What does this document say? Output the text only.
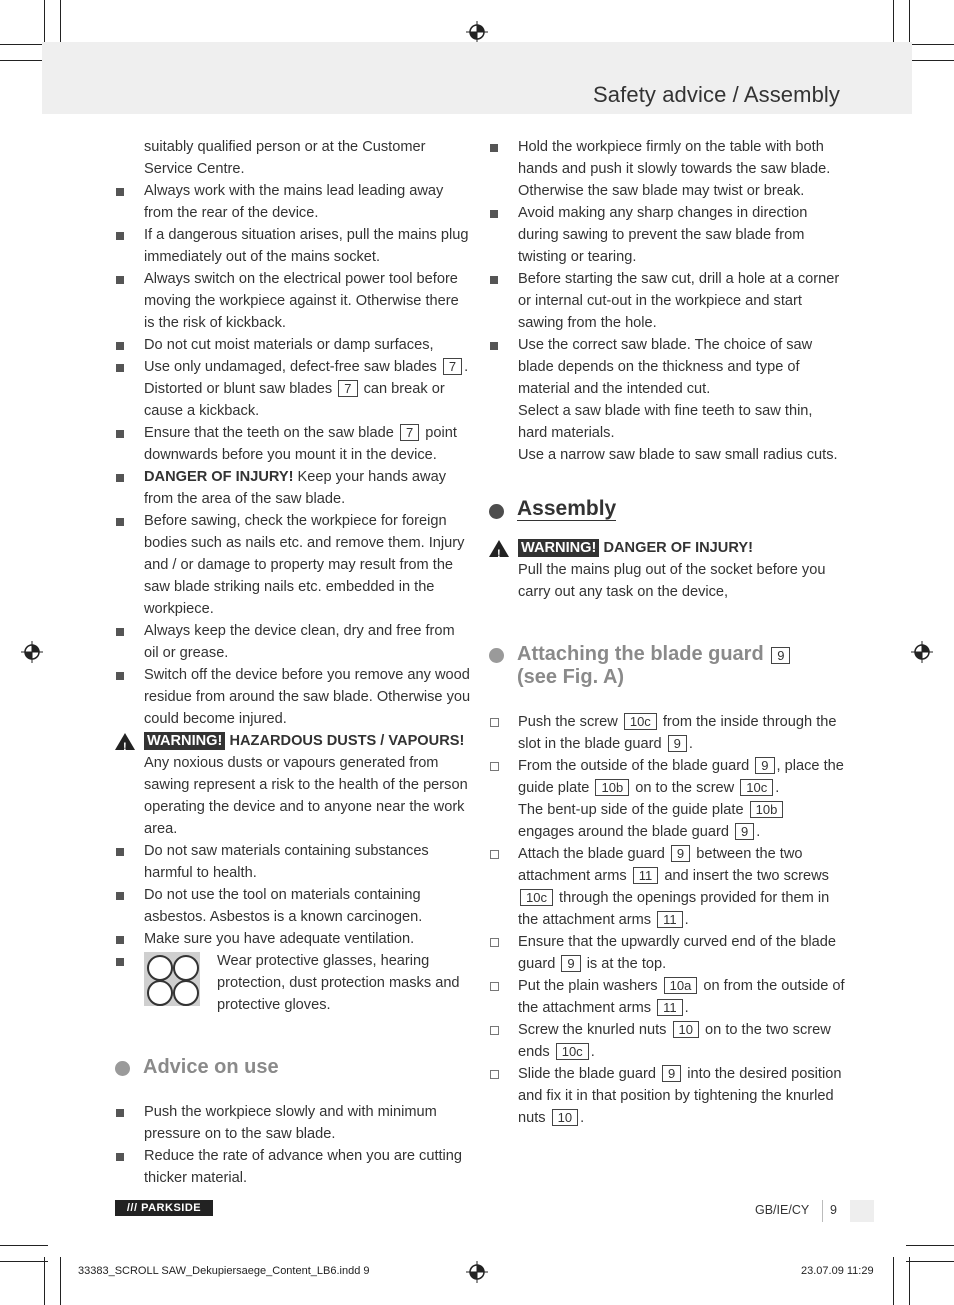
Safety advice / Assembly
suitably qualified person or at the Customer Service Centre.
Always work with the mains lead leading away from the rear of the device.
If a dangerous situation arises, pull the mains plug immediately out of the mains socket.
Always switch on the electrical power tool before moving the workpiece against it. Otherwise there is the risk of kickback.
Do not cut moist materials or damp surfaces,
Use only undamaged, defect-free saw blades 7 . Distorted or blunt saw blades 7 can break or cause a kickback.
Ensure that the teeth on the saw blade 7 point downwards before you mount it in the device.
DANGER OF INJURY! Keep your hands away from the area of the saw blade.
Before sawing, check the workpiece for foreign bodies such as nails etc. and remove them. Injury and / or damage to property may result from the saw blade striking nails etc. embedded in the workpiece.
Always keep the device clean, dry and free from oil or grease.
Switch off the device before you remove any wood residue from around the saw blade. Otherwise you could become injured.
! WARNING! HAZARDOUS DUSTS / VAPOURS! Any noxious dusts or vapours generated from sawing represent a risk to the health of the person operating the device and to anyone near the work area.
Do not saw materials containing substances harmful to health.
Do not use the tool on materials containing asbestos. Asbestos is a known carcinogen.
Make sure you have adequate ventilation.
Wear protective glasses, hearing protection, dust protection masks and protective gloves.
Advice on use
Push the workpiece slowly and with minimum pressure on to the saw blade.
Reduce the rate of advance when you are cutting thicker material.
Hold the workpiece firmly on the table with both hands and push it slowly towards the saw blade. Otherwise the saw blade may twist or break.
Avoid making any sharp changes in direction during sawing to prevent the saw blade from twisting or tearing.
Before starting the saw cut, drill a hole at a corner or internal cut-out in the workpiece and start sawing from the hole.
Use the correct saw blade. The choice of saw blade depends on the thickness and type of material and the intended cut.
Select a saw blade with fine teeth to saw thin, hard materials.
Use a narrow saw blade to saw small radius cuts.
Assembly
! WARNING! DANGER OF INJURY!
Pull the mains plug out of the socket before you carry out any task on the device,
Attaching the blade guard 9
(see Fig. A)
Push the screw 10c from the inside through the slot in the blade guard 9 .
From the outside of the blade guard 9 , place the guide plate 10b on to the screw 10c .
The bent-up side of the guide plate 10b engages around the blade guard 9 .
Attach the blade guard 9 between the two attachment arms 11 and insert the two screws 10c through the openings provided for them in the attachment arms 11 .
Ensure that the upwardly curved end of the blade guard 9 is at the top.
Put the plain washers 10a on from the outside of the attachment arms 11 .
Screw the knurled nuts 10 on to the two screw ends 10c .
Slide the blade guard 9 into the desired position and fix it in that position by tightening the knurled nuts 10 .
/// PARKSIDE	GB/IE/CY 9
33383_SCROLL SAW_Dekupiersaege_Content_LB6.indd 9	23.07.09 11:29
